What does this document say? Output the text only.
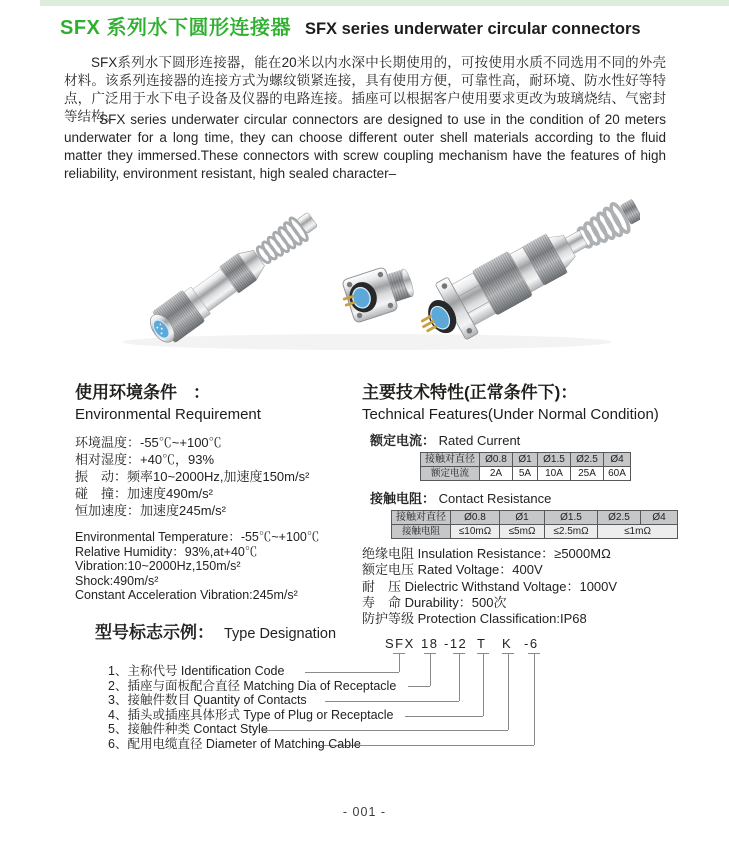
SFX 系列水下圆形连接器 SFX series underwater circular connectors

SFX系列水下圆形连接器，能在20米以内水深中长期使用的，可按使用水质不同选用不同的外壳材料。该系列连接器的连接方式为螺纹锁紧连接，具有使用方便，可靠性高，耐环境、防水性好等特点，广泛用于水下电子设备及仪器的电路连接。插座可以根据客户使用要求更改为玻璃烧结、气密封等结构。

SFX series underwater circular connectors are designed to use in the condition of 20 meters underwater for a long time, they can choose different outer shell materials according to the fluid matter they immersed.These connectors with screw coupling mechanism have the features of high reliability, environment resistant, high sealed character–

使用环境条件 ：
Environmental Requirement
环境温度：-55℃~+100℃
相对湿度：+40℃，93%
振　动：频率10~2000Hz,加速度150m/s²
碰　撞：加速度490m/s²
恒加速度：加速度245m/s²
Environmental Temperature：-55℃~+100℃
Relative Humidity：93%,at+40℃
Vibration:10~2000Hz,150m/s²
Shock:490m/s²
Constant Acceleration Vibration:245m/s²
主要技术特性(正常条件下)：
Technical Features(Under Normal Condition)
额定电流： Rated Current
接触对直径	Ø0.8	Ø1	Ø1.5	Ø2.5	Ø4
额定电流	2A	5A	10A	25A	60A
接触电阻： Contact Resistance
接触对直径	Ø0.8	Ø1	Ø1.5	Ø2.5	Ø4
接触电阻	≤10mΩ	≤5mΩ	≤2.5mΩ	≤1mΩ	
绝缘电阻 Insulation Resistance：≥5000MΩ
额定电压 Rated Voltage：400V
耐　压 Dielectric Withstand Voltage：1000V
寿　命 Durability：500次
防护等级 Protection Classification:IP68
型号标志示例： Type Designation
SFX 18 -12 T K -6
1、主称代号 Identification Code
2、插座与面板配合直径 Matching Dia of Receptacle
3、接触件数目 Quantity of Contacts
4、插头或插座具体形式 Type of Plug or Receptacle
5、接触件种类 Contact Style
6、配用电缆直径 Diameter of Matching Cable
- 001 -
